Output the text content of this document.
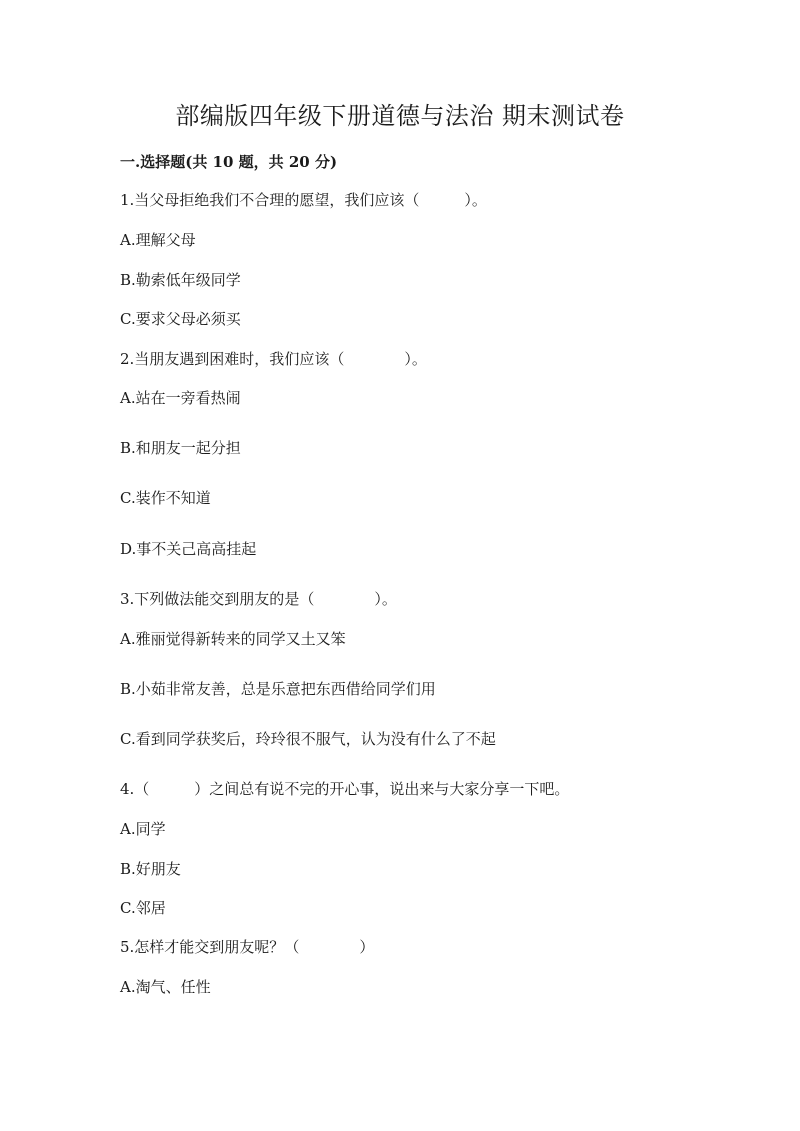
部编版四年级下册道德与法治 期末测试卷
一.选择题(共 10 题，共 20 分)
1.当父母拒绝我们不合理的愿望，我们应该（　　　）。
A.理解父母
B.勒索低年级同学
C.要求父母必须买
2.当朋友遇到困难时，我们应该（　　　　）。
A.站在一旁看热闹
B.和朋友一起分担
C.装作不知道
D.事不关己高高挂起
3.下列做法能交到朋友的是（　　　　）。
A.雅丽觉得新转来的同学又土又笨
B.小茹非常友善，总是乐意把东西借给同学们用
C.看到同学获奖后，玲玲很不服气，认为没有什么了不起
4.（　　　）之间总有说不完的开心事，说出来与大家分享一下吧。
A.同学
B.好朋友
C.邻居
5.怎样才能交到朋友呢？（　　　　）
A.淘气、任性
